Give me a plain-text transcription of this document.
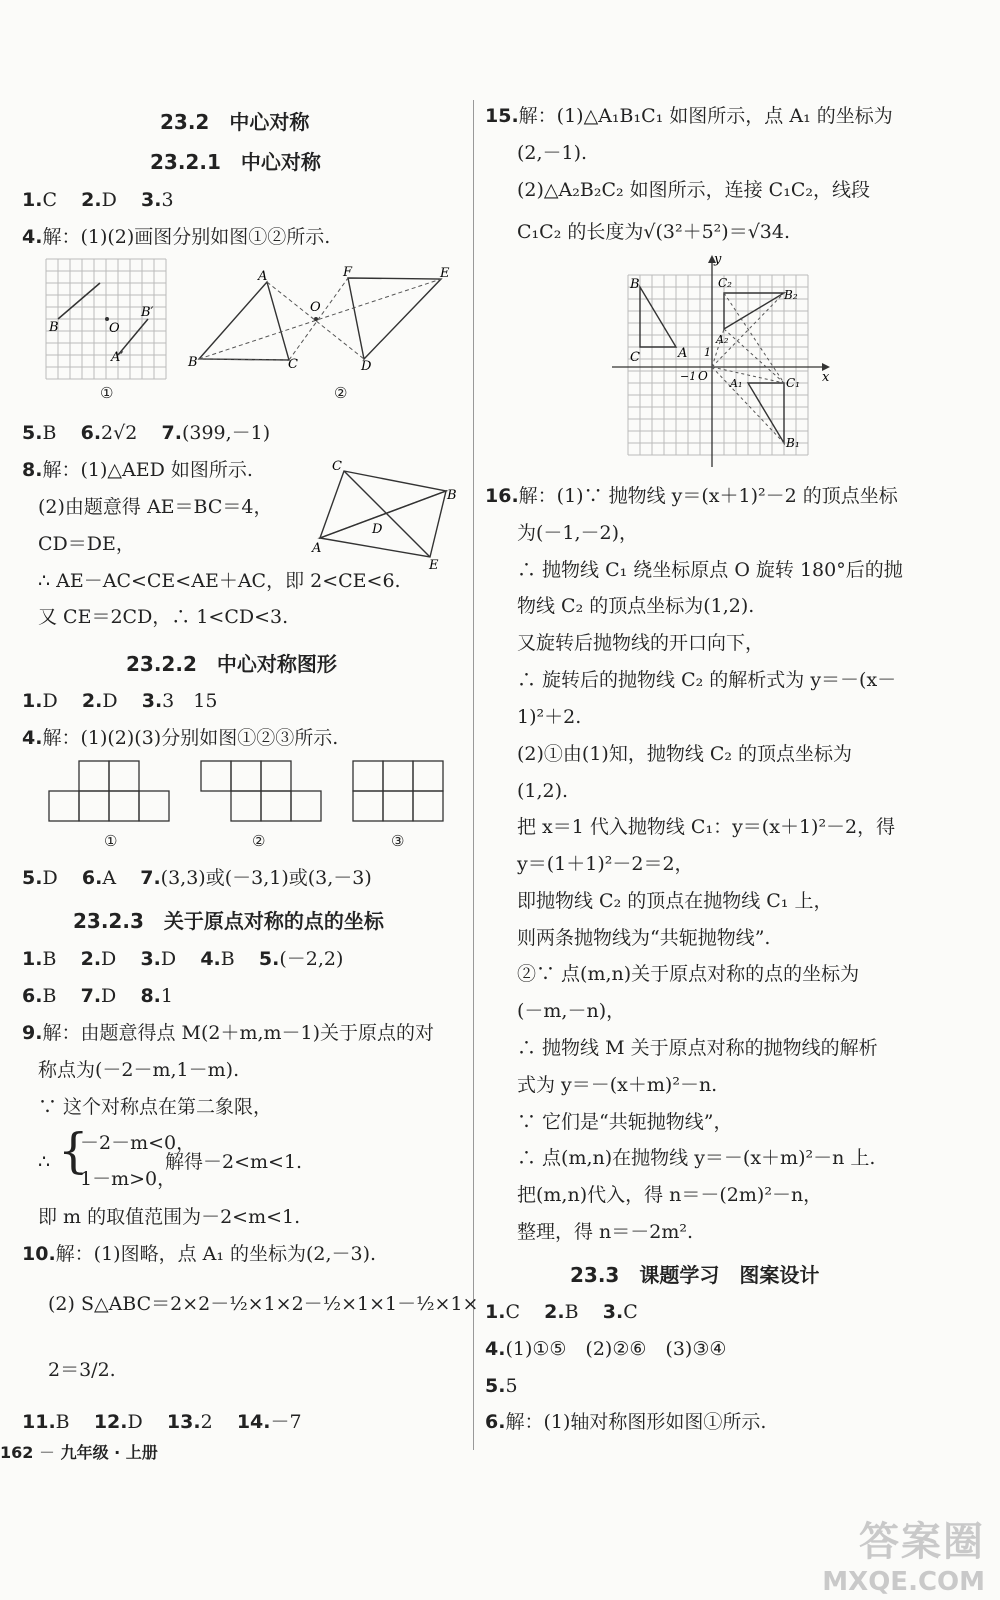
23.2　中心对称
23.2.1　中心对称
1.C 2.D 3.3
4.解：(1)(2)画图分别如图①②所示.
B	O
B′
A′
①
A
B	C
O
F	E
D
②
5.B 6.2√2 7.(399,－1)
8.解：(1)△AED 如图所示.
(2)由题意得 AE＝BC＝4，
CD＝DE，
∴ AE－AC<CE<AE＋AC，即 2<CE<6.
又 CE＝2CD，∴ 1<CD<3.
C
B
D
A
E
23.2.2　中心对称图形
1.D 2.D 3.3　15
4.解：(1)(2)(3)分别如图①②③所示.
①	②	③
5.D 6.A 7.(3,3)或(－3,1)或(3,－3)
23.2.3　关于原点对称的点的坐标
1.B 2.D 3.D 4.B 5.(－2,2)
6.B 7.D 8.1
9.解：由题意得点 M(2＋m,m－1)关于原点的对
称点为(－2－m,1－m).
∵ 这个对称点在第二象限，
∴ {
－2－m<0，
1－m>0，
解得－2<m<1.
即 m 的取值范围为－2<m<1.
10.解：(1)图略，点 A₁ 的坐标为(2,－3).
(2) S△ABC＝2×2－½×1×2－½×1×1－½×1×
2＝3/2.
11.B 12.D 13.2 14.－7
15.解：(1)△A₁B₁C₁ 如图所示，点 A₁ 的坐标为
(2,－1).
(2)△A₂B₂C₂ 如图所示，连接 C₁C₂，线段
C₁C₂ 的长度为√(3²＋5²)＝√34.
y
x
B
C	A
C₂
B₂
A₂
O
−1
1
A₁	C₁
B₁
16.解：(1)∵ 抛物线 y＝(x＋1)²－2 的顶点坐标
为(－1,－2)，
∴ 抛物线 C₁ 绕坐标原点 O 旋转 180°后的抛
物线 C₂ 的顶点坐标为(1,2).
又旋转后抛物线的开口向下，
∴ 旋转后的抛物线 C₂ 的解析式为 y＝－(x－
1)²＋2.
(2)①由(1)知，抛物线 C₂ 的顶点坐标为
(1,2).
把 x＝1 代入抛物线 C₁：y＝(x＋1)²－2，得
y＝(1＋1)²－2＝2，
即抛物线 C₂ 的顶点在抛物线 C₁ 上，
则两条抛物线为“共轭抛物线”.
②∵ 点(m,n)关于原点对称的点的坐标为
(－m,－n)，
∴ 抛物线 M 关于原点对称的抛物线的解析
式为 y＝－(x＋m)²－n.
∵ 它们是“共轭抛物线”，
∴ 点(m,n)在抛物线 y＝－(x＋m)²－n 上.
把(m,n)代入，得 n＝－(2m)²－n，
整理，得 n＝－2m².
23.3　课题学习　图案设计
1.C 2.B 3.C
4.(1)①⑤　(2)②⑥　(3)③④
5.5
6.解：(1)轴对称图形如图①所示.
162 － 九年级 · 上册
答案圈
MXQE.COM
